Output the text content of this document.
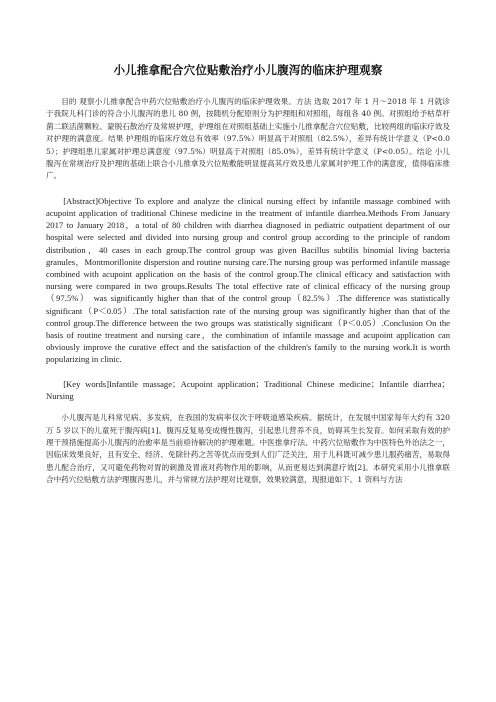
小儿推拿配合穴位贴敷治疗小儿腹泻的临床护理观察

目的 观察小儿推拿配合中药穴位贴敷治疗小儿腹泻的临床护理效果。方法 选取 2017 年 1 月～2018 年 1 月就诊于我院儿科门诊的符合小儿腹泻的患儿 80 例，按随机分配原则分为护理组和对照组，每组各 40 例。对照组给予枯草杆菌二联活菌颗粒、蒙脱石散治疗及常规护理，护理组在对照组基础上实施小儿推拿配合穴位贴敷，比较两组的临床疗效及对护理的满意度。结果 护理组的临床疗效总有效率（97.5%）明显高于对照组（82.5%），差异有统计学意义（P<0.05）；护理组患儿家属对护理总满意度（97.5%）明显高于对照组（85.0%），差异有统计学意义（P<0.05）。结论 小儿腹泻在常规治疗及护理的基础上联合小儿推拿及穴位贴敷能明显提高其疗效及患儿家属对护理工作的满意度，值得临床推广。

[Abstract]Objective To explore and analyze the clinical nursing effect by infantile massage combined with acupoint application of traditional Chinese medicine in the treatment of infantile diarrhea.Methods From January 2017 to January 2018，a total of 80 children with diarrhea diagnosed in pediatric outpatient department of our hospital were selected and divided into nursing group and control group according to the principle of random distribution，40 cases in each group.The control group was given Bacillus subtilis binomial living bacteria granules，Montmorillonite dispersion and routine nursing care.The nursing group was performed infantile massage combined with acupoint application on the basis of the control group.The clinical efficacy and satisfaction with nursing were compared in two groups.Results The total effective rate of clinical efficacy of the nursing group（97.5%） was significantly higher than that of the control group（82.5%）.The difference was statistically significant（P＜0.05）.The total satisfaction rate of the nursing group was significantly higher than that of the control group.The difference between the two groups was statistically significant（P＜0.05）.Conclusion On the basis of routine treatment and nursing care，the combination of infantile massage and acupoint application can obviously improve the curative effect and the satisfaction of the children's family to the nursing work.It is worth popularizing in clinic.

[Key words]Infantile massage；Acupoint application；Traditional Chinese medicine；Infantile diarrhea；Nursing

小儿腹泻是儿科常见病、多发病，在我国的发病率仅次于呼吸道感染疾病。据统计，在发展中国家每年大约有 320 万 5 岁以下的儿童死于腹泻病[1]。腹泻反复易变成慢性腹泻，引起患儿营养不良，妨碍其生长发育。如何采取有效的护理干预措施提高小儿腹泻的治愈率是当前亟待解决的护理难题。中医推拿疗法、中药穴位贴敷作为中医特色外治法之一，因临床效果良好，且有安全、经济、免除针药之苦等优点而受到人们广泛关注，用于儿科既可减少患儿服药痛苦，易取得患儿配合治疗，又可避免药物对胃的刺激及胃液对药物作用的影响，从而更易达到满意疗效[2]。本研究采用小儿推拿联合中药穴位贴敷方法护理腹泻患儿，并与常规方法护理对比观察，效果较满意，现报道如下。1 资料与方法
